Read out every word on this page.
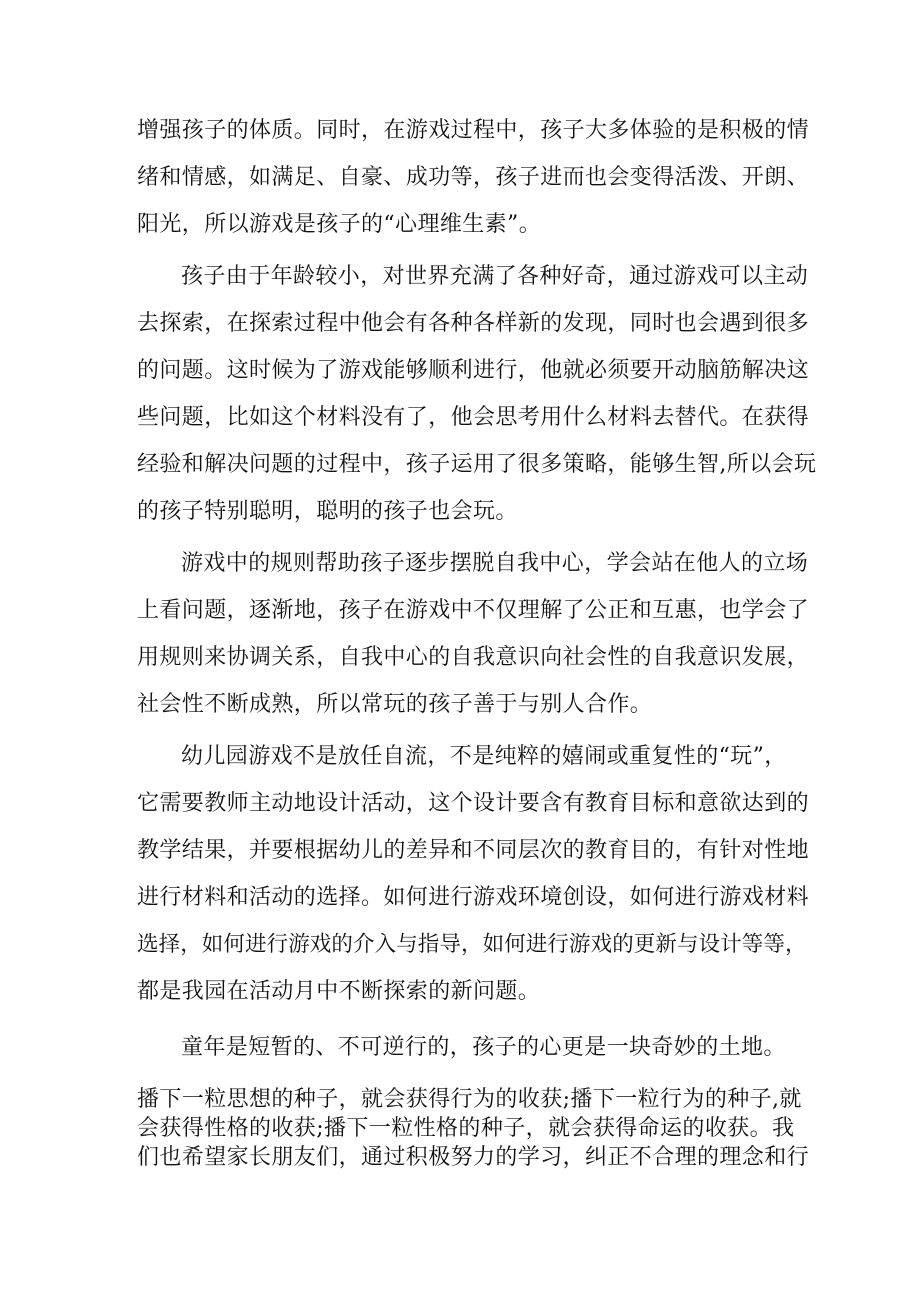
增强孩子的体质。同时，在游戏过程中，孩子大多体验的是积极的情
绪和情感，如满足、自豪、成功等，孩子进而也会变得活泼、开朗、
阳光，所以游戏是孩子的“心理维生素”。
孩子由于年龄较小，对世界充满了各种好奇，通过游戏可以主动
去探索，在探索过程中他会有各种各样新的发现，同时也会遇到很多
的问题。这时候为了游戏能够顺利进行，他就必须要开动脑筋解决这
些问题，比如这个材料没有了，他会思考用什么材料去替代。在获得
经验和解决问题的过程中，孩子运用了很多策略，能够生智,所以会玩
的孩子特别聪明，聪明的孩子也会玩。
游戏中的规则帮助孩子逐步摆脱自我中心，学会站在他人的立场
上看问题，逐渐地，孩子在游戏中不仅理解了公正和互惠，也学会了
用规则来协调关系，自我中心的自我意识向社会性的自我意识发展，
社会性不断成熟，所以常玩的孩子善于与别人合作。
幼儿园游戏不是放任自流，不是纯粹的嬉闹或重复性的“玩”，
它需要教师主动地设计活动，这个设计要含有教育目标和意欲达到的
教学结果，并要根据幼儿的差异和不同层次的教育目的，有针对性地
进行材料和活动的选择。如何进行游戏环境创设，如何进行游戏材料
选择，如何进行游戏的介入与指导，如何进行游戏的更新与设计等等，
都是我园在活动月中不断探索的新问题。
童年是短暂的、不可逆行的，孩子的心更是一块奇妙的土地。
播下一粒思想的种子，就会获得行为的收获;播下一粒行为的种子,就
会获得性格的收获;播下一粒性格的种子，就会获得命运的收获。我
们也希望家长朋友们，通过积极努力的学习，纠正不合理的理念和行
